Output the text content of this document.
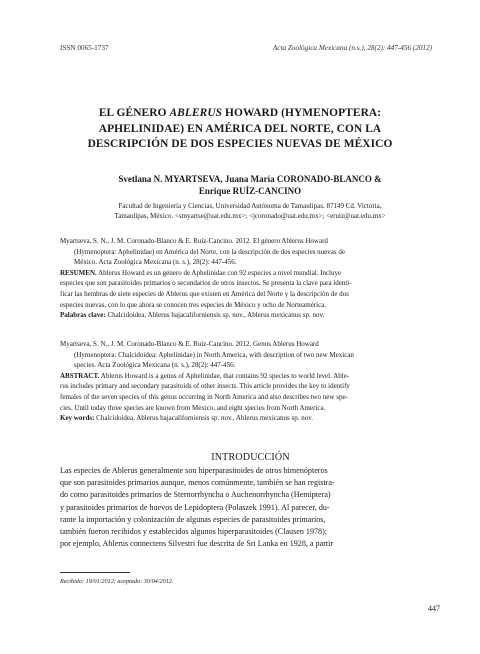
ISSN 0065-1737	Acta Zoológica Mexicana (n.s.), 28(2): 447-456 (2012)

EL GÉNERO ABLERUS HOWARD (HYMENOPTERA:

APHELINIDAE) EN AMÉRICA DEL NORTE, CON LA

DESCRIPCIÓN DE DOS ESPECIES NUEVAS DE MÉXICO

Svetlana N. MYARTSEVA, Juana María CORONADO-BLANCO &

Enrique RUÍZ-CANCINO

Facultad de Ingeniería y Ciencias, Universidad Autónoma de Tamaulipas. 87149 Cd. Victoria,

Tamaulipas, México. <smyartse@uat.edu.mx>; <jcoronado@uat.edu.mx>; <eruiz@uat.edu.mx>

Myartseva, S. N., J. M. Coronado-Blanco & E. Ruíz-Cancino. 2012. El género Ablerus Howard

(Hymenoptera: Aphelinidae) en América del Norte, con la descripción de dos especies nuevas de

México. Acta Zoológica Mexicana (n. s.), 28(2): 447-456.

RESUMEN. Ablerus Howard es un género de Aphelinidae con 92 especies a nivel mundial. Incluye

especies que son parasitoides primarios o secundarios de otros insectos. Se presenta la clave para identi-

ficar las hembras de siete especies de Ablerus que existen en América del Norte y la descripción de dos

especies nuevas, con lo que ahora se conocen tres especies de México y ocho de Norteamérica.

Palabras clave: Chalcidoidea, Ablerus bajacaliforniensis sp. nov., Ablerus mexicanus sp. nov.

Myartseva, S. N., J. M. Coronado-Blanco & E. Ruíz-Cancino. 2012. Genus Ablerus Howard

(Hymenoptera: Chalcidoidea: Aphelinidae) in North America, with description of two new Mexican

species. Acta Zoológica Mexicana (n. s.), 28(2): 447-456.

ABSTRACT. Ablerus Howard is a genus of Aphelinidae, that contains 92 species to world level. Able-

rus includes primary and secondary parasitoids of other insects. This article provides the key to identify

females of the seven species of this genus occurring in North America and also describes two new spe-

cies. Until today three species are known from Mexico, and eight species from North America.

Key words: Chalcidoidea, Ablerus bajacaliforniensis sp. nov., Ablerus mexicanus sp. nov.

INTRODUCCIÓN

Las especies de Ablerus generalmente son hiperparasitoides de otros himenópteros

que son parasitoides primarios aunque, menos comúnmente, también se han registra-

do como parasitoides primarios de Sternorrhyncha o Auchenorrhyncha (Hemiptera)

y parasitoides primarios de huevos de Lepidoptera (Polaszek 1991). Al parecer, du-

rante la importación y colonización de algunas especies de parasitoides primarios,

también fueron recibidos y establecidos algunos hiperparasitoides (Clausen 1978);

por ejemplo, Ablerus connectens Silvestri fue descrita de Sri Lanka en 1928, a partir

Recibido: 19/01/2012; aceptado: 30/04/2012.
447
